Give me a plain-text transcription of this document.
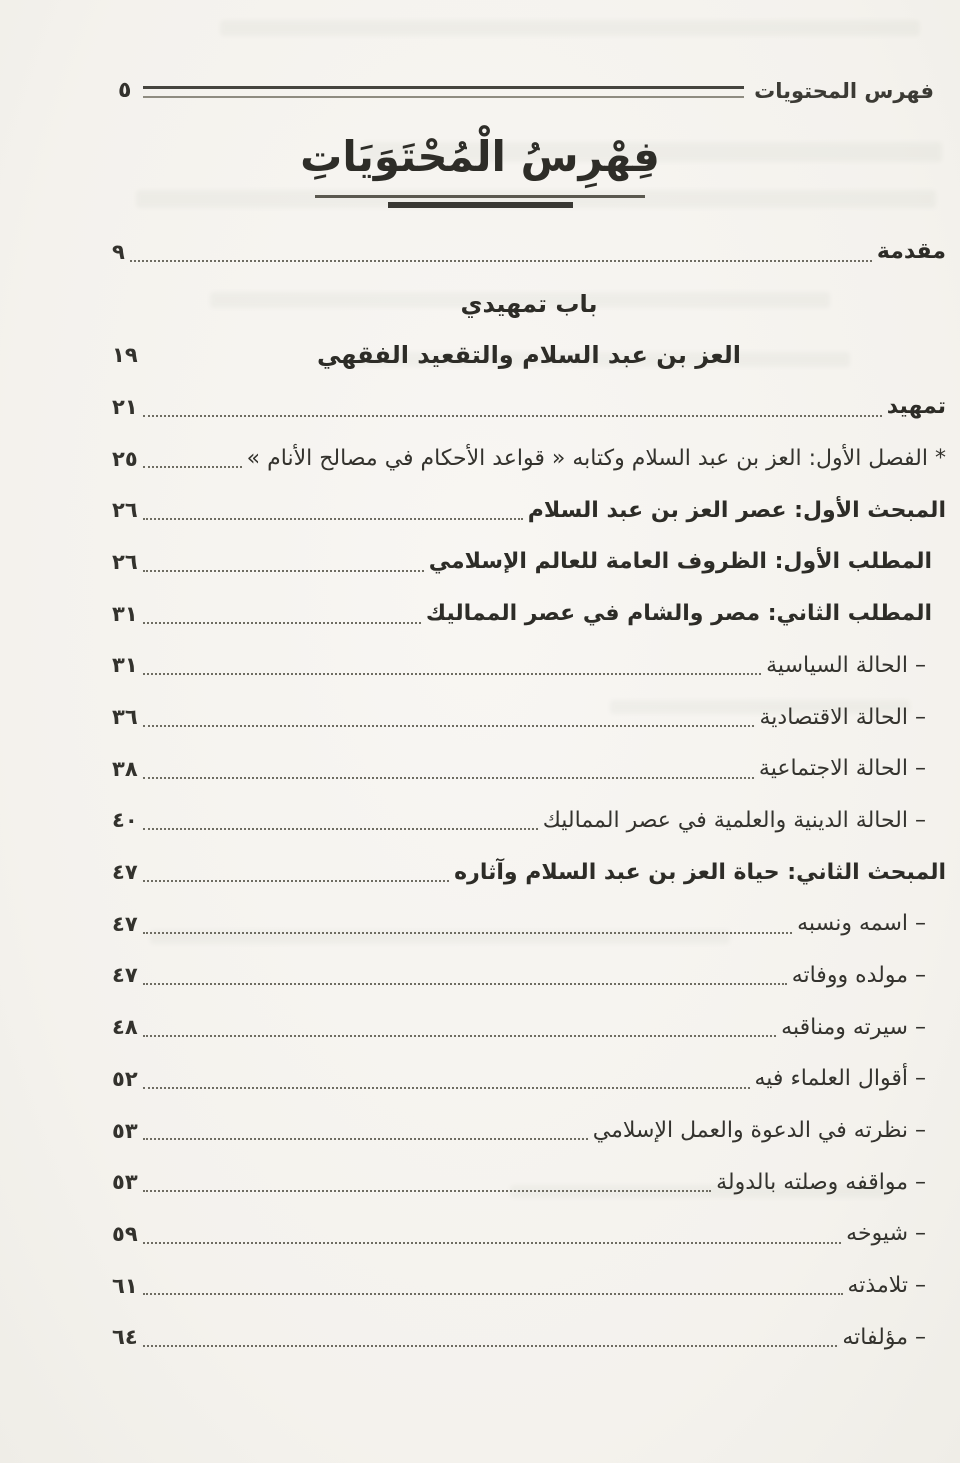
فهرس المحتويات
٥
فِهْرِسُ الْمُحْتَوَيَاتِ
مقدمة
٩
باب تمهيدي
العز بن عبد السلام والتقعيد الفقهي
١٩
تمهيد
٢١
* الفصل الأول: العز بن عبد السلام وكتابه « قواعد الأحكام في مصالح الأنام »
٢٥
المبحث الأول: عصر العز بن عبد السلام
٢٦
المطلب الأول: الظروف العامة للعالم الإسلامي
٢٦
المطلب الثاني: مصر والشام في عصر المماليك
٣١
– الحالة السياسية
٣١
– الحالة الاقتصادية
٣٦
– الحالة الاجتماعية
٣٨
– الحالة الدينية والعلمية في عصر المماليك
٤٠
المبحث الثاني: حياة العز بن عبد السلام وآثاره
٤٧
– اسمه ونسبه
٤٧
– مولده ووفاته
٤٧
– سيرته ومناقبه
٤٨
– أقوال العلماء فيه
٥٢
– نظرته في الدعوة والعمل الإسلامي
٥٣
– مواقفه وصلته بالدولة
٥٣
– شيوخه
٥٩
– تلامذته
٦١
– مؤلفاته
٦٤
